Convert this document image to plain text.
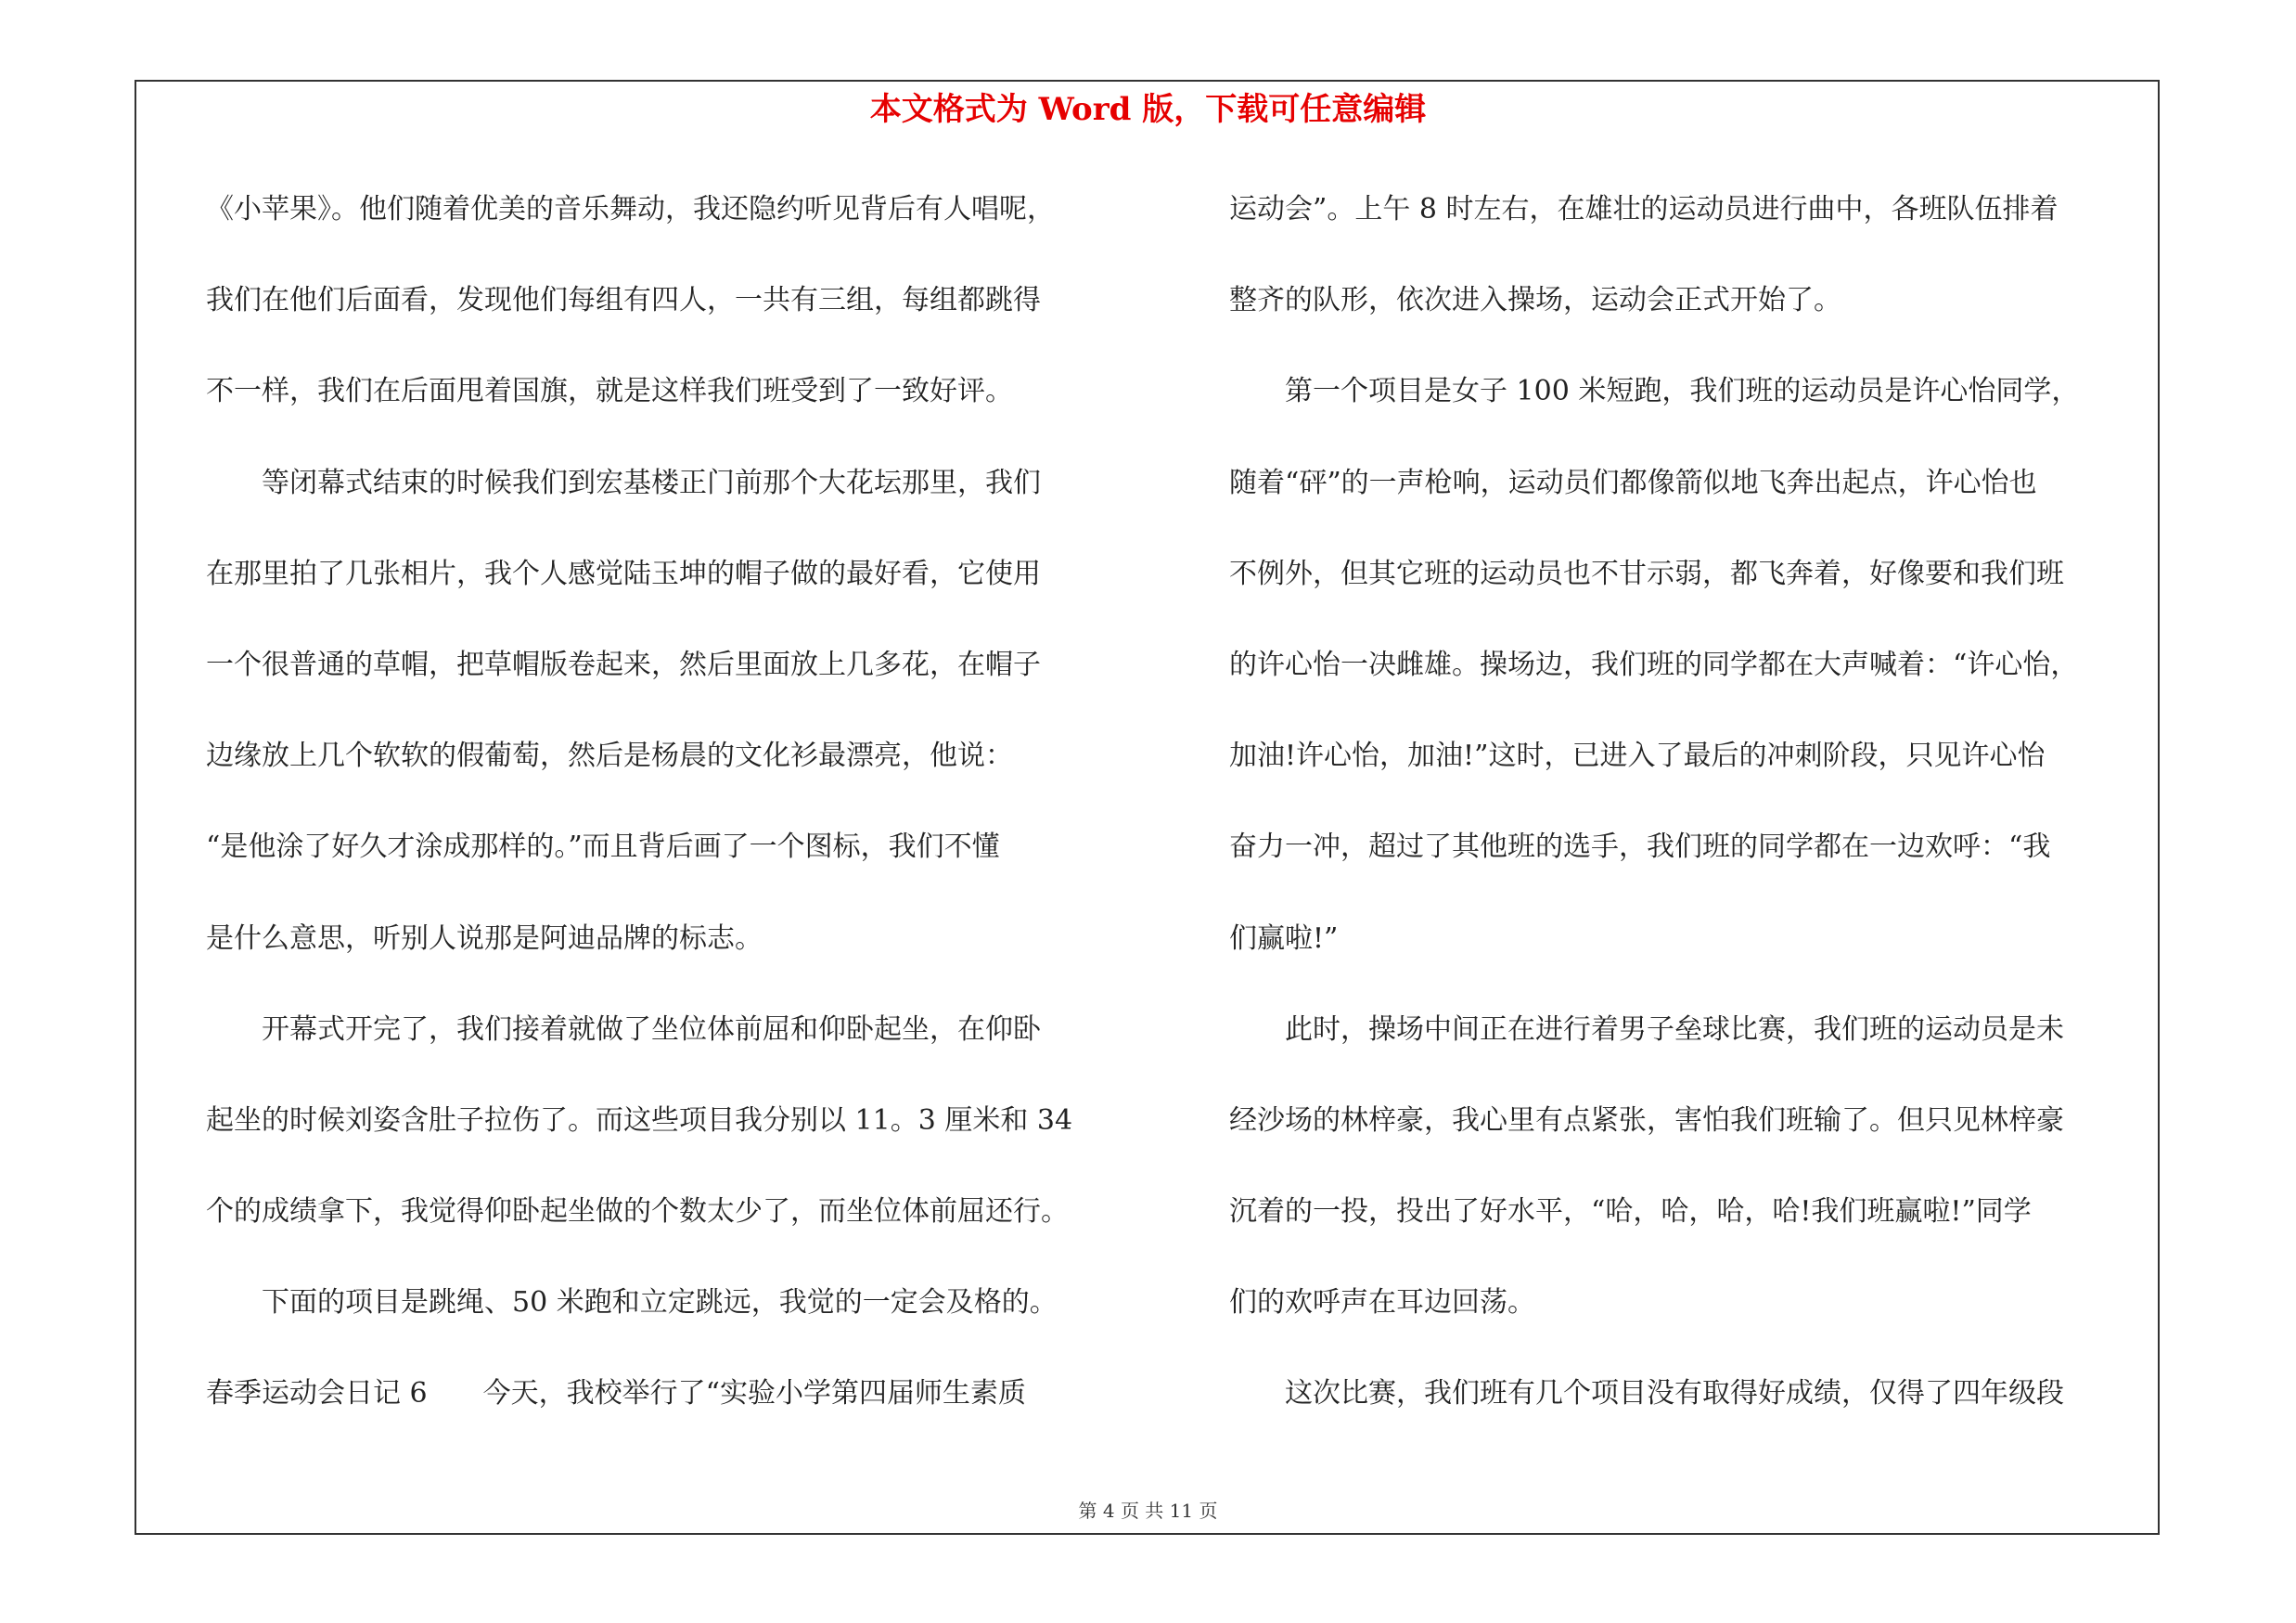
本文格式为 Word 版，下载可任意编辑
《小苹果》。他们随着优美的音乐舞动，我还隐约听见背后有人唱呢，
我们在他们后面看，发现他们每组有四人，一共有三组，每组都跳得
不一样，我们在后面甩着国旗，就是这样我们班受到了一致好评。
　　等闭幕式结束的时候我们到宏基楼正门前那个大花坛那里，我们
在那里拍了几张相片，我个人感觉陆玉坤的帽子做的最好看，它使用
一个很普通的草帽，把草帽版卷起来，然后里面放上几多花，在帽子
边缘放上几个软软的假葡萄，然后是杨晨的文化衫最漂亮，他说：
“是他涂了好久才涂成那样的。”而且背后画了一个图标，我们不懂
是什么意思，听别人说那是阿迪品牌的标志。
　　开幕式开完了，我们接着就做了坐位体前屈和仰卧起坐，在仰卧
起坐的时候刘姿含肚子拉伤了。而这些项目我分别以 11。3 厘米和 34
个的成绩拿下，我觉得仰卧起坐做的个数太少了，而坐位体前屈还行。
　　下面的项目是跳绳、50 米跑和立定跳远，我觉的一定会及格的。
春季运动会日记 6　　今天，我校举行了“实验小学第四届师生素质
运动会”。上午 8 时左右，在雄壮的运动员进行曲中，各班队伍排着
整齐的队形，依次进入操场，运动会正式开始了。
　　第一个项目是女子 100 米短跑，我们班的运动员是许心怡同学，
随着“砰”的一声枪响，运动员们都像箭似地飞奔出起点，许心怡也
不例外，但其它班的运动员也不甘示弱，都飞奔着，好像要和我们班
的许心怡一决雌雄。操场边，我们班的同学都在大声喊着：“许心怡，
加油!许心怡，加油!”这时，已进入了最后的冲刺阶段，只见许心怡
奋力一冲，超过了其他班的选手，我们班的同学都在一边欢呼：“我
们赢啦!”
　　此时，操场中间正在进行着男子垒球比赛，我们班的运动员是未
经沙场的林梓豪，我心里有点紧张，害怕我们班输了。但只见林梓豪
沉着的一投，投出了好水平，“哈，哈，哈，哈!我们班赢啦!”同学
们的欢呼声在耳边回荡。
　　这次比赛，我们班有几个项目没有取得好成绩，仅得了四年级段
第 4 页 共 11 页
